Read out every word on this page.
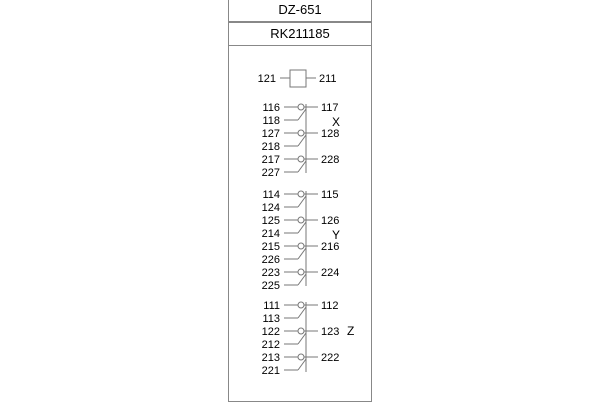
DZ-651
RK211185
121	211
116	117
118
127	128
218
217	228
227
X
114	115
124
125	126
214
215	216
226
223	224
225
Y
111	112
113
122	123
212
213	222
221
Z
